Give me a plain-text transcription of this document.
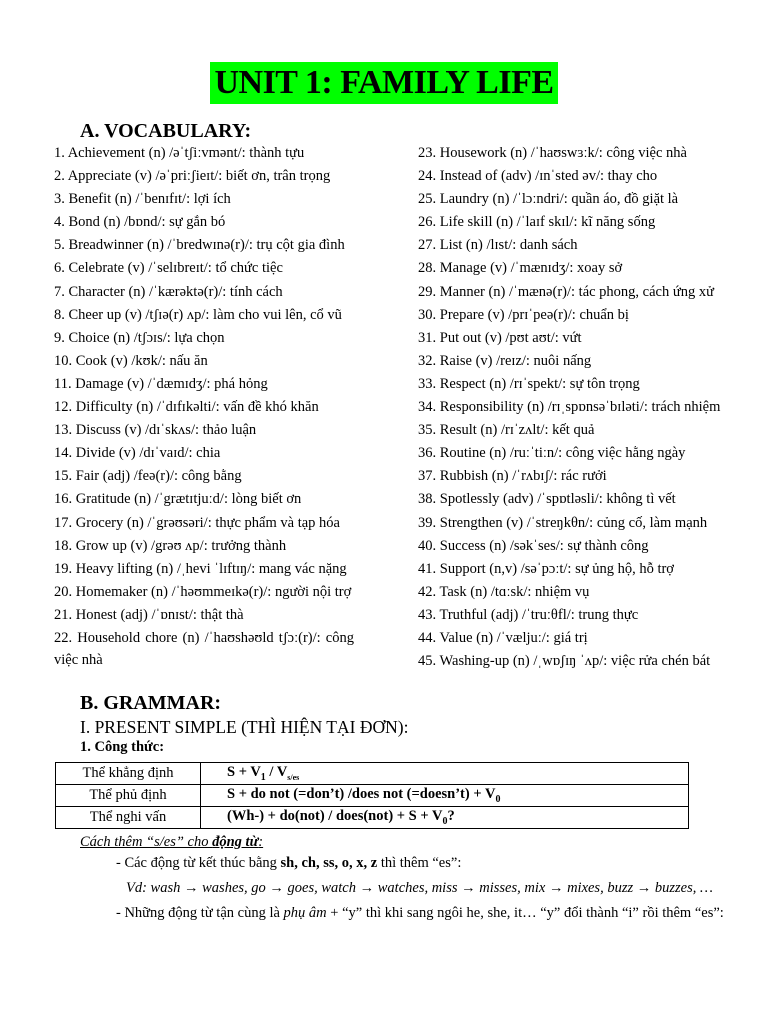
UNIT 1: FAMILY LIFE
A. VOCABULARY:
1. Achievement (n) /əˈtʃiːvmənt/: thành tựu
2. Appreciate (v) /əˈpriːʃieɪt/: biết ơn, trân trọng
3. Benefit (n) /ˈbenɪfɪt/: lợi ích
4. Bond (n) /bɒnd/: sự gắn bó
5. Breadwinner (n) /ˈbredwɪnə(r)/: trụ cột gia đình
6. Celebrate (v) /ˈselɪbreɪt/: tổ chức tiệc
7. Character (n) /ˈkærəktə(r)/: tính cách
8. Cheer up (v) /tʃɪə(r) ʌp/: làm cho vui lên, cổ vũ
9. Choice (n) /tʃɔɪs/: lựa chọn
10. Cook (v) /kʊk/: nấu ăn
11. Damage (v) /ˈdæmɪdʒ/: phá hỏng
12. Difficulty (n) /ˈdɪfɪkəlti/: vấn đề khó khăn
13. Discuss (v) /dɪˈskʌs/: thảo luận
14. Divide (v) /dɪˈvaɪd/: chia
15. Fair (adj) /feə(r)/: công bằng
16. Gratitude (n) /ˈgrætɪtjuːd/: lòng biết ơn
17. Grocery (n) /ˈgrəʊsəri/: thực phẩm và tạp hóa
18. Grow up (v) /grəʊ ʌp/: trưởng thành
19. Heavy lifting (n) /ˌhevi ˈlɪftɪŋ/: mang vác nặng
20. Homemaker (n) /ˈhəʊmmeɪkə(r)/: người nội trợ
21. Honest (adj) /ˈɒnɪst/: thật thà
22. Household chore (n) /ˈhaʊshəʊld tʃɔː(r)/: công việc nhà
23. Housework (n) /ˈhaʊswɜːk/: công việc nhà
24. Instead of (adv) /ɪnˈsted əv/: thay cho
25. Laundry (n) /ˈlɔːndri/: quần áo, đồ giặt là
26. Life skill (n) /ˈlaɪf skɪl/: kĩ năng sống
27. List (n) /lɪst/: danh sách
28. Manage (v) /ˈmænɪdʒ/: xoay sở
29. Manner (n) /ˈmænə(r)/: tác phong, cách ứng xử
30. Prepare (v) /prɪˈpeə(r)/: chuẩn bị
31. Put out (v) /pʊt aʊt/: vứt
32. Raise (v) /reɪz/: nuôi nấng
33. Respect (n) /rɪˈspekt/: sự tôn trọng
34. Responsibility (n) /rɪˌspɒnsəˈbɪləti/: trách nhiệm
35. Result (n) /rɪˈzʌlt/: kết quả
36. Routine (n) /ruːˈtiːn/: công việc hằng ngày
37. Rubbish (n) /ˈrʌbɪʃ/: rác rưởi
38. Spotlessly (adv) /ˈspɒtləsli/: không tì vết
39. Strengthen (v) /ˈstreŋkθn/: củng cố, làm mạnh
40. Success (n) /səkˈses/: sự thành công
41. Support (n,v) /səˈpɔːt/: sự ủng hộ, hỗ trợ
42. Task (n) /tɑːsk/: nhiệm vụ
43. Truthful (adj) /ˈtruːθfl/: trung thực
44. Value (n) /ˈvæljuː/: giá trị
45. Washing-up (n) /ˌwɒʃɪŋ ˈʌp/: việc rửa chén bát
B. GRAMMAR:
I. PRESENT SIMPLE (THÌ HIỆN TẠI ĐƠN):
1. Công thức:
Thể khẳng định	$S + V_1 / V_{s/es}$
Thể phủ định	S + do not (=don’t) /does not (=doesn’t) + $V_0$
Thể nghi vấn	(Wh-) + do(not) / does(not) + $S + V_0$?
Cách thêm “s/es” cho động từ:
- Các động từ kết thúc bằng sh, ch, ss, o, x, z thì thêm “es”:
Vd: wash → washes, go → goes, watch → watches, miss → misses, mix → mixes, buzz → buzzes, …
- Những động từ tận cùng là phụ âm + “y” thì khi sang ngôi he, she, it… “y” đổi thành “i” rồi thêm “es”:
